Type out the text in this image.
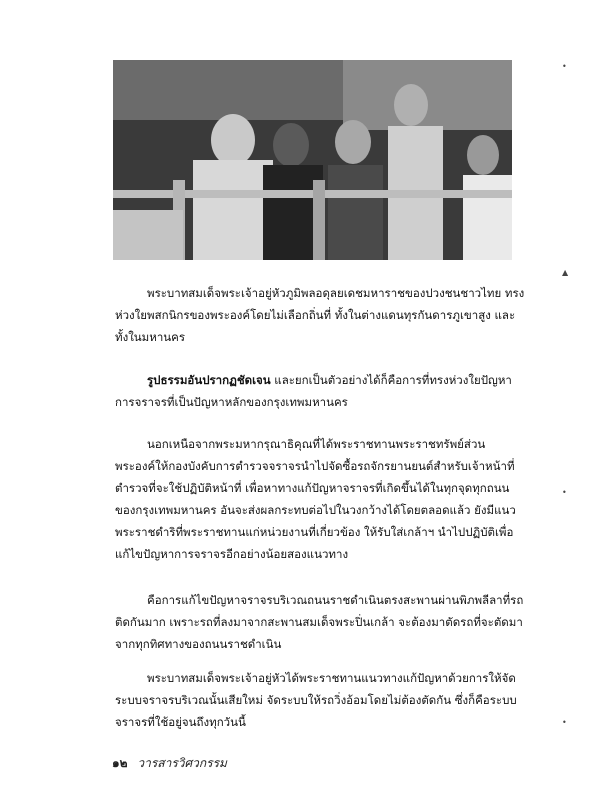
พระบาทสมเด็จพระเจ้าอยู่หัวภูมิพลอดุลยเดชมหาราชของปวงชนชาวไทย ทรงห่วงใยพสกนิกรของพระองค์โดยไม่เลือกถิ่นที่ ทั้งในต่างแดนทุรกันดารภูเขาสูง และทั้งในมหานคร

รูปธรรมอันปรากฏชัดเจน และยกเป็นตัวอย่างได้ก็คือการที่ทรงห่วงใยปัญหาการจราจรที่เป็นปัญหาหลักของกรุงเทพมหานคร

นอกเหนือจากพระมหากรุณาธิคุณที่ได้พระราชทานพระราชทรัพย์ส่วนพระองค์ให้กองบังคับการตำรวจจราจรนำไปจัดซื้อรถจักรยานยนต์สำหรับเจ้าหน้าที่ตำรวจที่จะใช้ปฏิบัติหน้าที่ เพื่อหาทางแก้ปัญหาจราจรที่เกิดขึ้นได้ในทุกจุดทุกถนนของกรุงเทพมหานคร อันจะส่งผลกระทบต่อไปในวงกว้างได้โดยตลอดแล้ว ยังมีแนวพระราชดำริที่พระราชทานแก่หน่วยงานที่เกี่ยวข้อง ให้รับใส่เกล้าฯ นำไปปฏิบัติเพื่อแก้ไขปัญหาการจราจรอีกอย่างน้อยสองแนวทาง

คือการแก้ไขปัญหาจราจรบริเวณถนนราชดำเนินตรงสะพานผ่านพิภพลีลาที่รถติดกันมาก เพราะรถที่ลงมาจากสะพานสมเด็จพระปิ่นเกล้า จะต้องมาตัดรถที่จะตัดมาจากทุกทิศทางของถนนราชดำเนิน

พระบาทสมเด็จพระเจ้าอยู่หัวได้พระราชทานแนวทางแก้ปัญหาด้วยการให้จัดระบบจราจรบริเวณนั้นเสียใหม่ จัดระบบให้รถวิ่งอ้อมโดยไม่ต้องตัดกัน ซึ่งก็คือระบบจราจรที่ใช้อยู่จนถึงทุกวันนี้

๑๒ วารสารวิศวกรรม
•
▲
•
•
